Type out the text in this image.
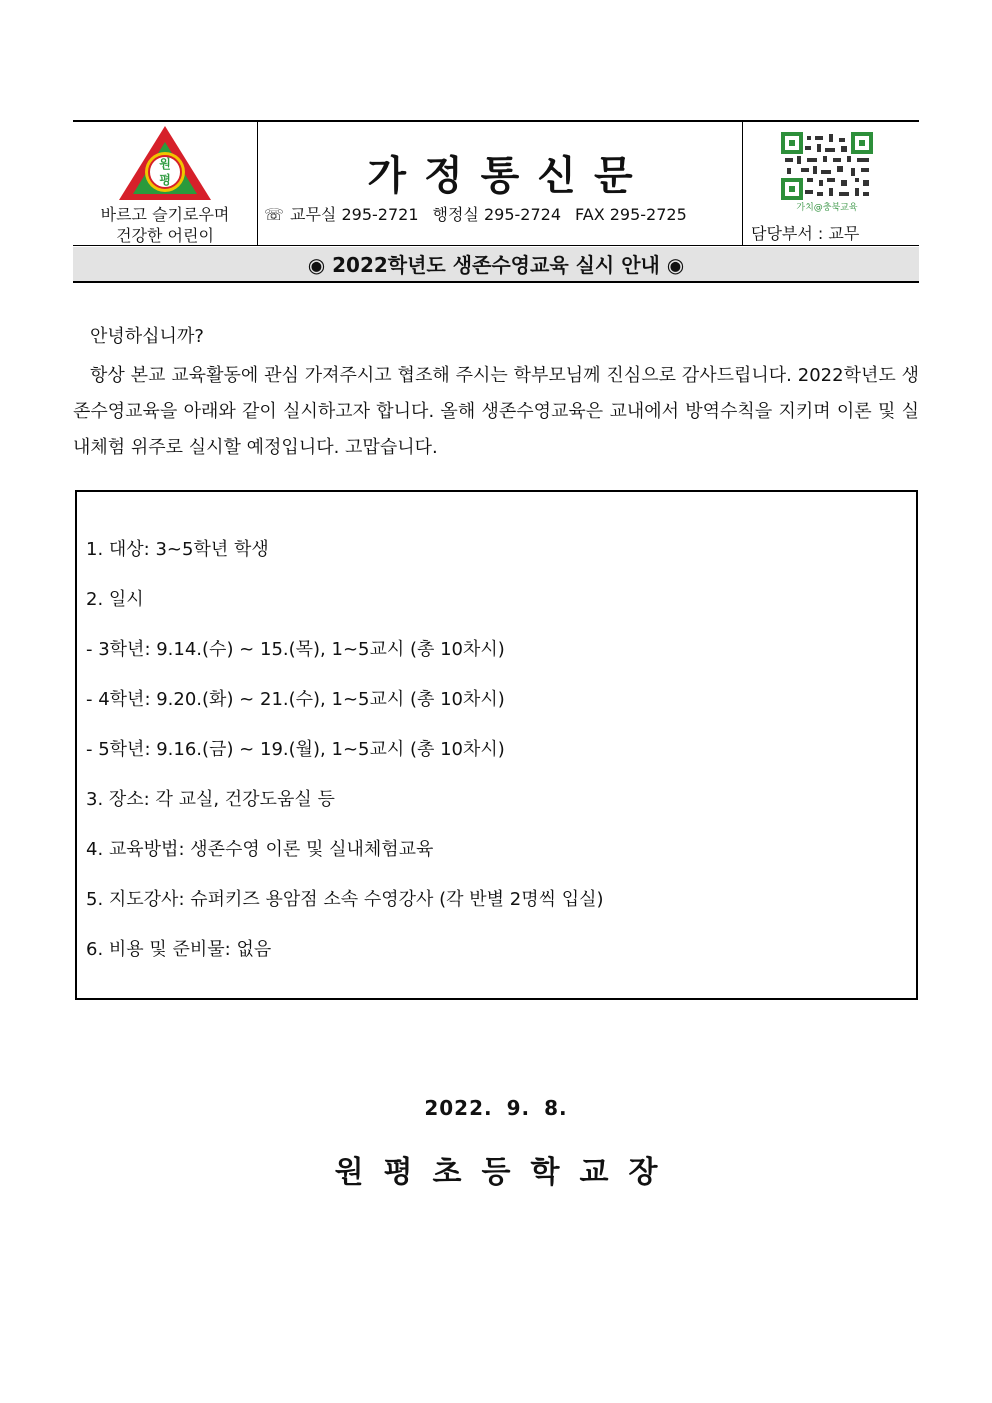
원
평
바르고 슬기로우며
건강한 어린이
가정통신문
☏ 교무실 295-2721 행정실 295-2724 FAX 295-2725	가치@충북교육
담당부서 : 교무
◉ 2022학년도 생존수영교육 실시 안내 ◉
안녕하십니까?
항상 본교 교육활동에 관심 가져주시고 협조해 주시는 학부모님께 진심으로 감사드립니다. 2022학년도 생존수영교육을 아래와 같이 실시하고자 합니다. 올해 생존수영교육은 교내에서 방역수칙을 지키며 이론 및 실내체험 위주로 실시할 예정입니다. 고맙습니다.
1. 대상: 3~5학년 학생
2. 일시
- 3학년: 9.14.(수) ~ 15.(목), 1~5교시 (총 10차시)
- 4학년: 9.20.(화) ~ 21.(수), 1~5교시 (총 10차시)
- 5학년: 9.16.(금) ~ 19.(월), 1~5교시 (총 10차시)
3. 장소: 각 교실, 건강도움실 등
4. 교육방법: 생존수영 이론 및 실내체험교육
5. 지도강사: 슈퍼키즈 용암점 소속 수영강사 (각 반별 2명씩 입실)
6. 비용 및 준비물: 없음
2022. 9. 8.
원평초등학교장
